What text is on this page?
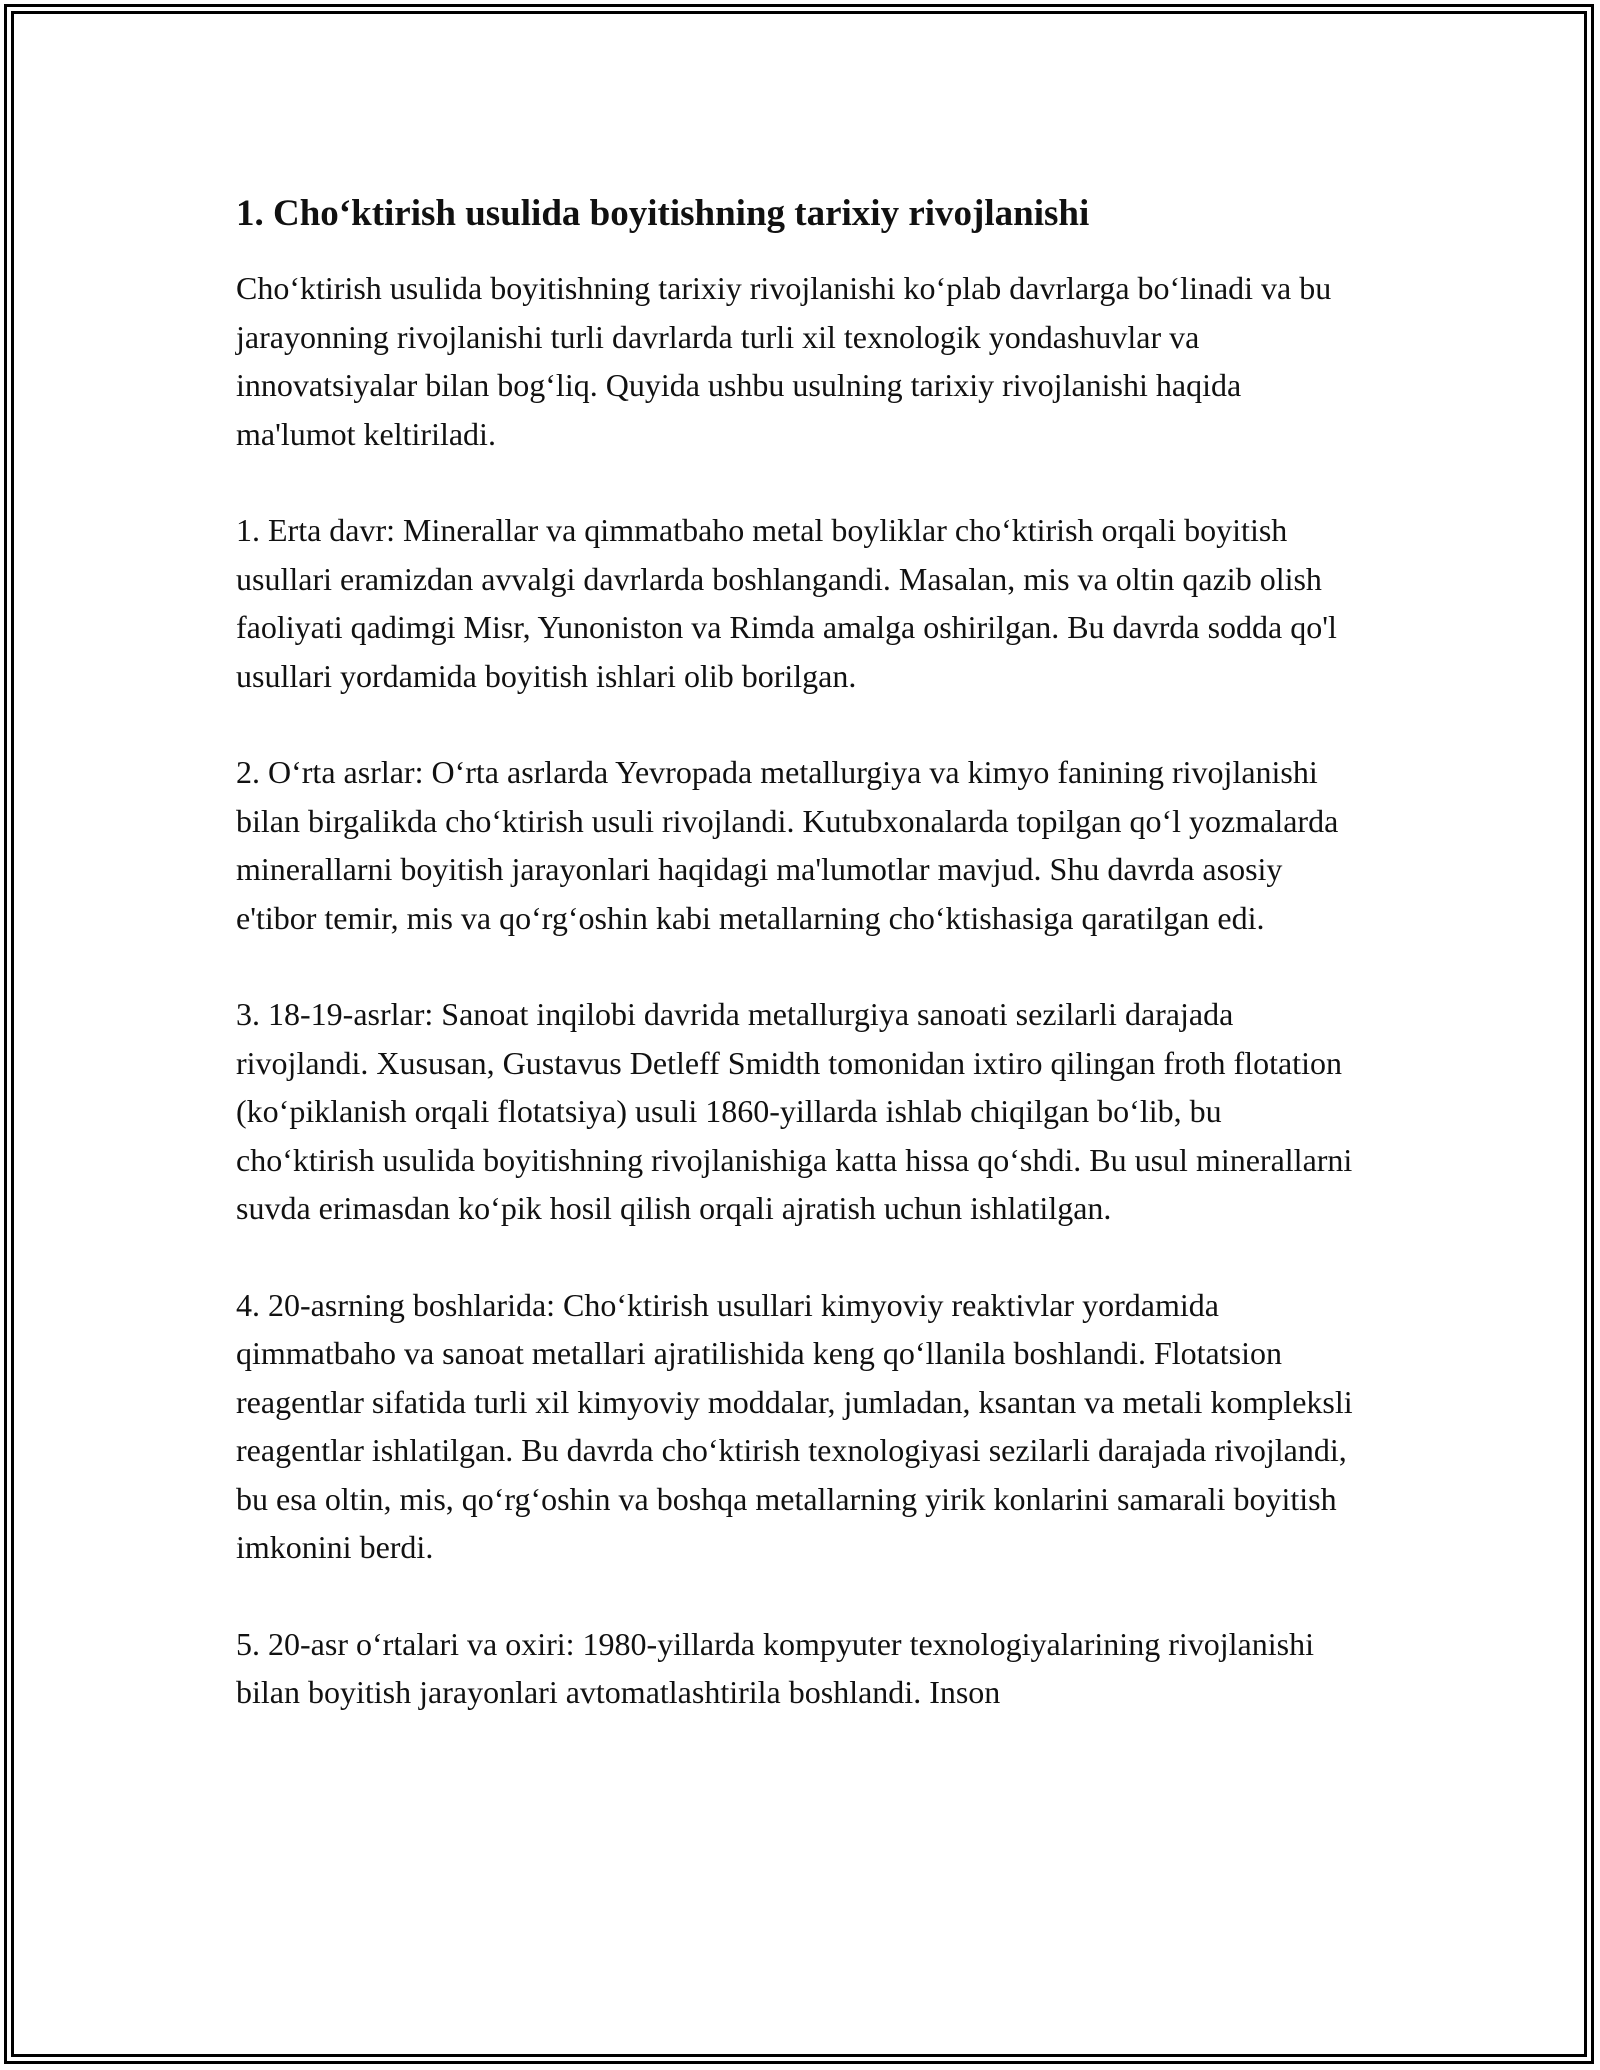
1. Cho‘ktirish usulida boyitishning tarixiy rivojlanishi

Cho‘ktirish usulida boyitishning tarixiy rivojlanishi ko‘plab davrlarga bo‘linadi va bu jarayonning rivojlanishi turli davrlarda turli xil texnologik yondashuvlar va innovatsiyalar bilan bog‘liq. Quyida ushbu usulning tarixiy rivojlanishi haqida ma'lumot keltiriladi.

1. Erta davr: Minerallar va qimmatbaho metal boyliklar cho‘ktirish orqali boyitish usullari eramizdan avvalgi davrlarda boshlangandi. Masalan, mis va oltin qazib olish faoliyati qadimgi Misr, Yunoniston va Rimda amalga oshirilgan. Bu davrda sodda qo'l usullari yordamida boyitish ishlari olib borilgan.

2. O‘rta asrlar: O‘rta asrlarda Yevropada metallurgiya va kimyo fanining rivojlanishi bilan birgalikda cho‘ktirish usuli rivojlandi. Kutubxonalarda topilgan qo‘l yozmalarda minerallarni boyitish jarayonlari haqidagi ma'lumotlar mavjud. Shu davrda asosiy e'tibor temir, mis va qo‘rg‘oshin kabi metallarning cho‘ktishasiga qaratilgan edi.

3. 18-19-asrlar: Sanoat inqilobi davrida metallurgiya sanoati sezilarli darajada rivojlandi. Xususan, Gustavus Detleff Smidth tomonidan ixtiro qilingan froth flotation (ko‘piklanish orqali flotatsiya) usuli 1860-yillarda ishlab chiqilgan bo‘lib, bu cho‘ktirish usulida boyitishning rivojlanishiga katta hissa qo‘shdi. Bu usul minerallarni suvda erimasdan ko‘pik hosil qilish orqali ajratish uchun ishlatilgan.

4. 20-asrning boshlarida: Cho‘ktirish usullari kimyoviy reaktivlar yordamida qimmatbaho va sanoat metallari ajratilishida keng qo‘llanila boshlandi. Flotatsion reagentlar sifatida turli xil kimyoviy moddalar, jumladan, ksantan va metali kompleksli reagentlar ishlatilgan. Bu davrda cho‘ktirish texnologiyasi sezilarli darajada rivojlandi, bu esa oltin, mis, qo‘rg‘oshin va boshqa metallarning yirik konlarini samarali boyitish imkonini berdi.

5. 20-asr o‘rtalari va oxiri: 1980-yillarda kompyuter texnologiyalarining rivojlanishi bilan boyitish jarayonlari avtomatlashtirila boshlandi. Inson
